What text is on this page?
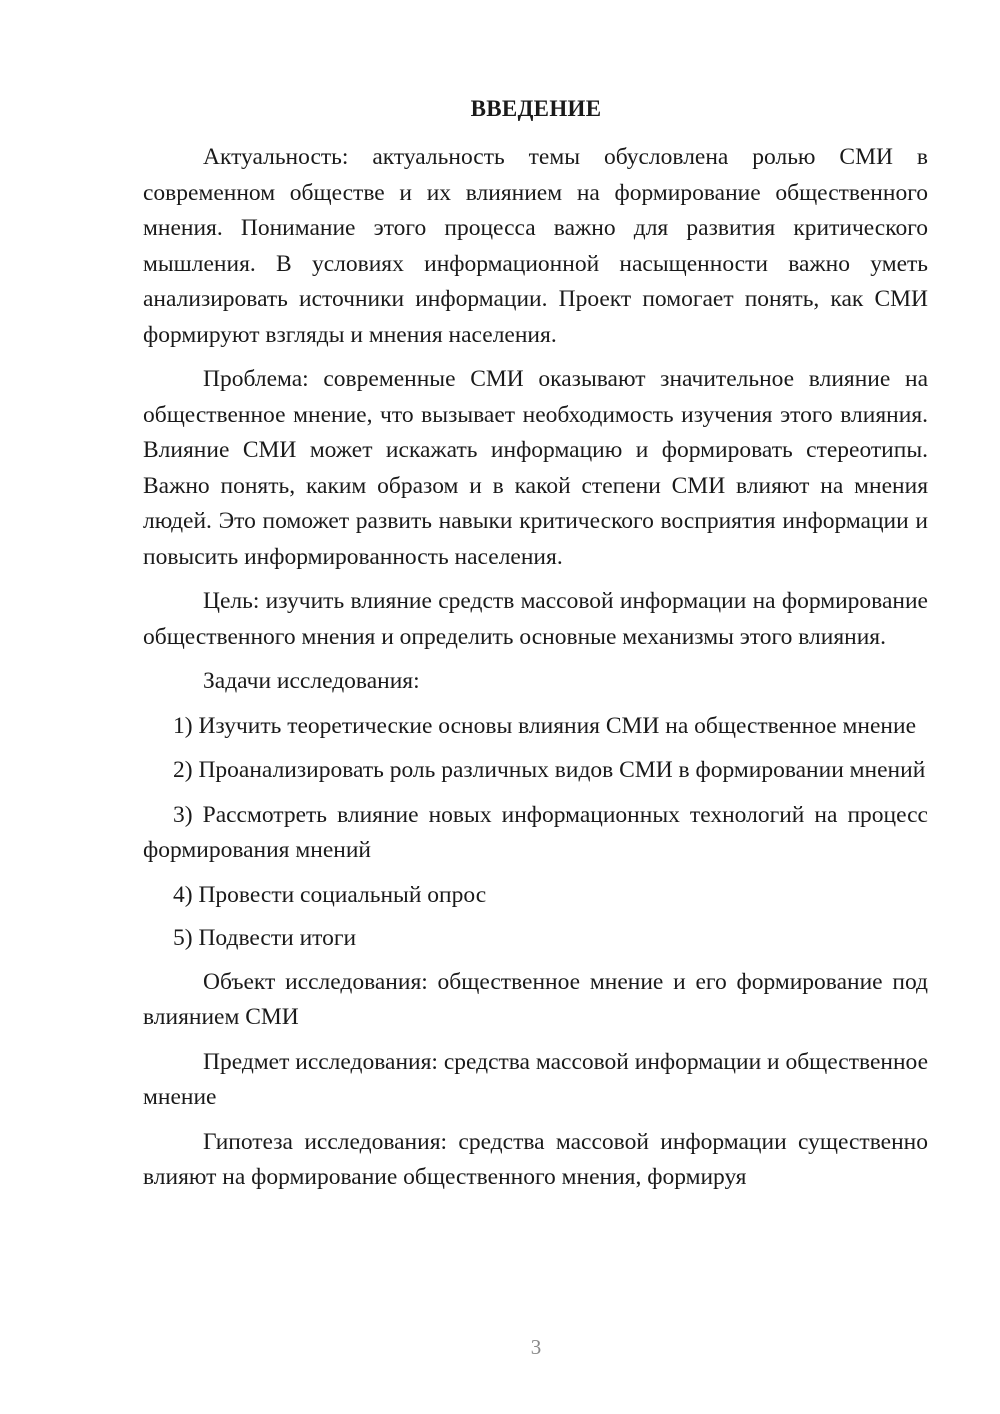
ВВЕДЕНИЕ

Актуальность: актуальность темы обусловлена ролью СМИ в современном обществе и их влиянием на формирование общественного мнения. Понимание этого процесса важно для развития критического мышления. В условиях информационной насыщенности важно уметь анализировать источники информации. Проект помогает понять, как СМИ формируют взгляды и мнения населения.

Проблема: современные СМИ оказывают значительное влияние на общественное мнение, что вызывает необходимость изучения этого влияния. Влияние СМИ может искажать информацию и формировать стереотипы. Важно понять, каким образом и в какой степени СМИ влияют на мнения людей. Это поможет развить навыки критического восприятия информации и повысить информированность населения.

Цель: изучить влияние средств массовой информации на формирование общественного мнения и определить основные механизмы этого влияния.

Задачи исследования:

1) Изучить теоретические основы влияния СМИ на общественное мнение

2) Проанализировать роль различных видов СМИ в формировании мнений

3) Рассмотреть влияние новых информационных технологий на процесс формирования мнений

4) Провести социальный опрос

5) Подвести итоги

Объект исследования: общественное мнение и его формирование под влиянием СМИ

Предмет исследования: средства массовой информации и общественное мнение

Гипотеза исследования: средства массовой информации существенно влияют на формирование общественного мнения, формируя

3
